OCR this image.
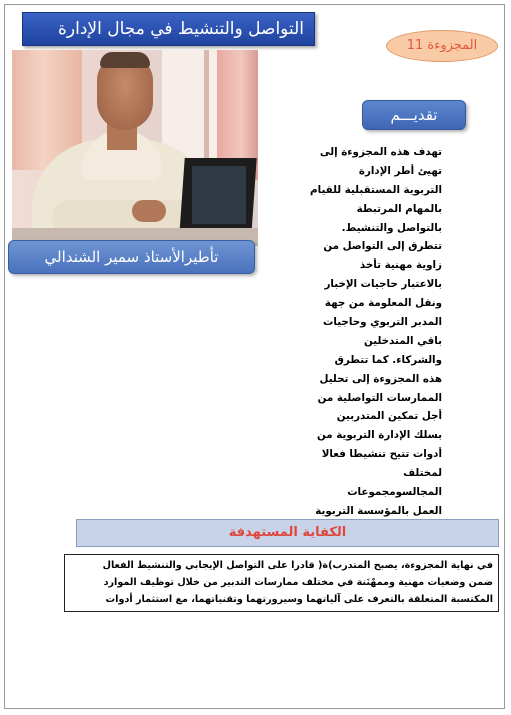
التواصل والتنشيط في مجال الإدارة
المجزوءة 11
تأطيرالأستاذ سمير الشندالي
تقديـــم
تهدف هذه المجزوءة إلى
تهيئ أطر الإدارة
التربوية المستقبلية للقيام
بالمهام المرتبطة
بالتواصل والتنشيط.
تتطرق إلى التواصل من
زاوية مهنية تأخذ
بالاعتبار حاجيات الإخبار
ونقل المعلومة من جهة
المدبر التربوي وحاجيات
باقي المتدخلين
والشركاء. كما تتطرق
هذه المجزوءة إلى تحليل
الممارسات التواصلية من
أجل تمكين المتدربين
بسلك الإدارة التربوية من
أدوات تتيح تنشيطا فعالا
لمختلف
المجالسومجموعات
العمل بالمؤسسة التربوية
الكفاية المستهدفة
في نهاية المجزوءة، يصبح المتدرب)ة( قادرا على التواصل الإيجابي والتنشيط الفعال
ضمن وضعيات مهنية وممهْنَنة في مختلف ممارسات التدبير من خلال توظيف الموارد
المكتسبة المتعلقة بالتعرف على آلياتهما وسيرورتهما وتقنياتهما، مع استثمار أدوات
